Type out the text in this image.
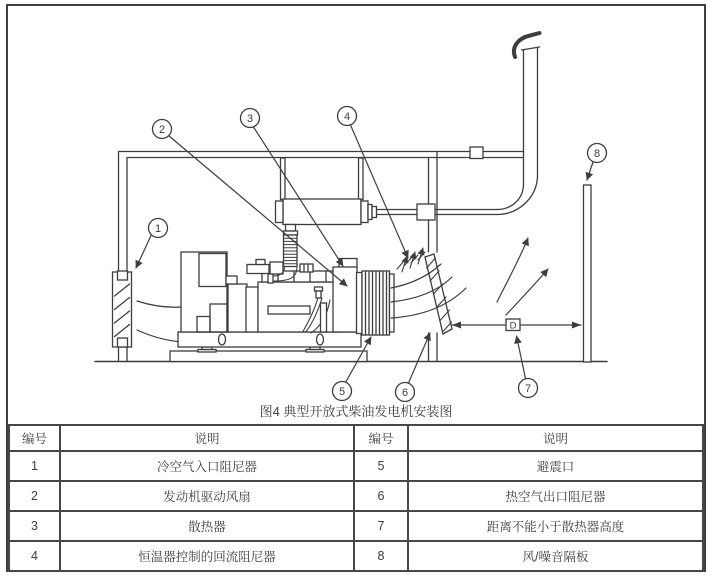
D
1
2
3	4
5	6	7
8
图4 典型开放式柴油发电机安装图
编号	说明	编号	说明
1	冷空气入口阻尼器	5	避震口
2	发动机驱动风扇	6	热空气出口阻尼器
3	散热器	7	距离不能小于散热器高度
4	恒温器控制的回流阻尼器	8	风/噪音隔板
